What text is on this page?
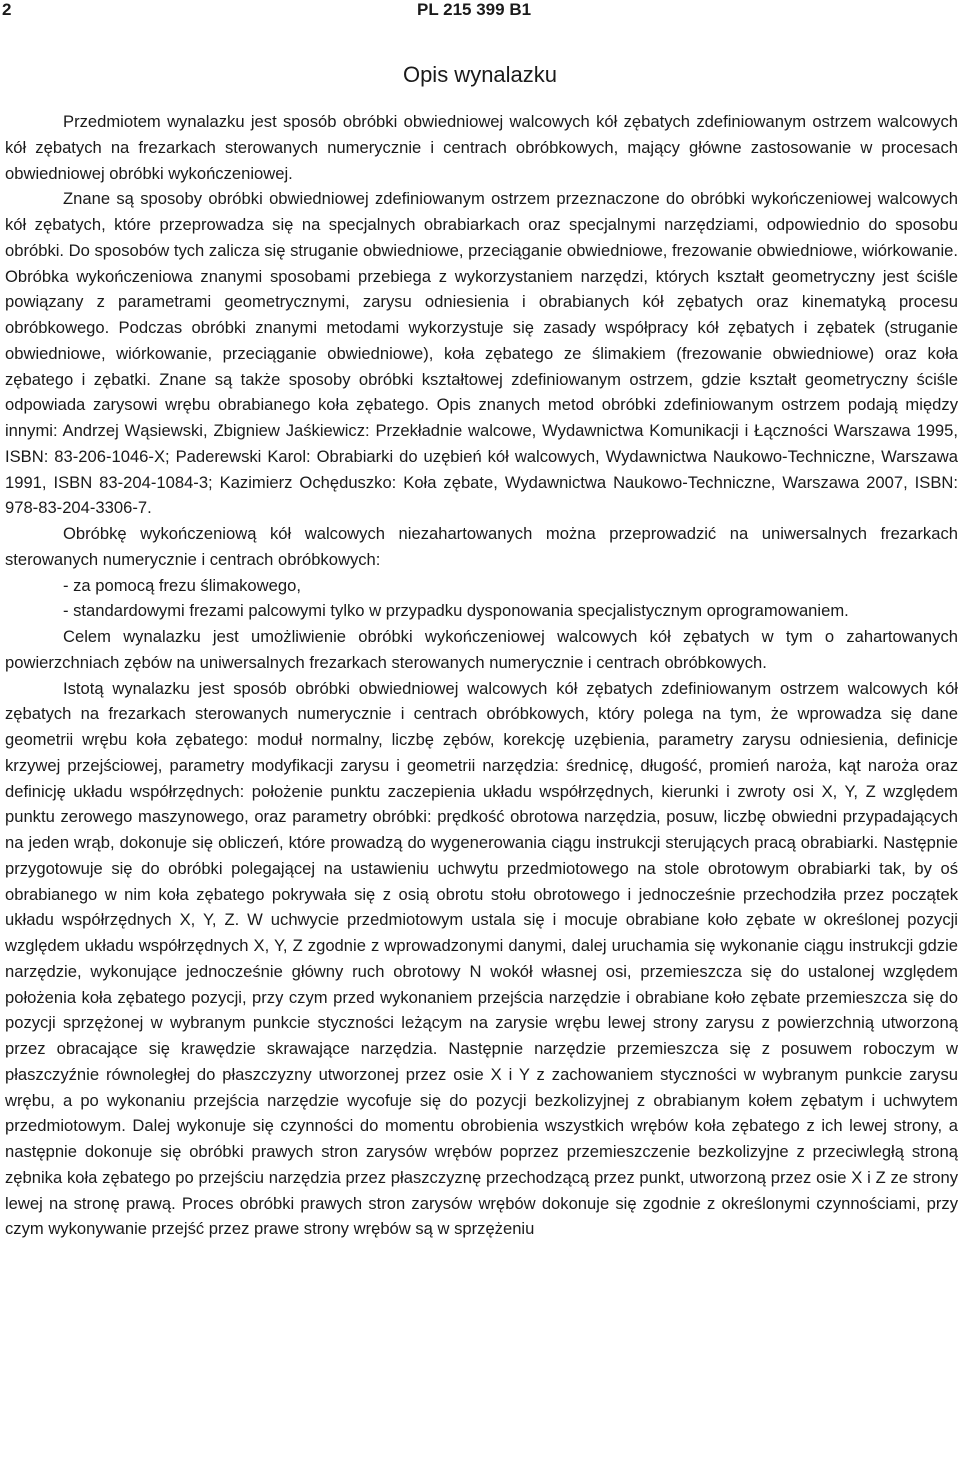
2	PL 215 399 B1
Opis wynalazku

Przedmiotem wynalazku jest sposób obróbki obwiedniowej walcowych kół zębatych zdefiniowanym ostrzem walcowych kół zębatych na frezarkach sterowanych numerycznie i centrach obróbkowych, mający główne zastosowanie w procesach obwiedniowej obróbki wykończeniowej.

Znane są sposoby obróbki obwiedniowej zdefiniowanym ostrzem przeznaczone do obróbki wykończeniowej walcowych kół zębatych, które przeprowadza się na specjalnych obrabiarkach oraz specjalnymi narzędziami, odpowiednio do sposobu obróbki. Do sposobów tych zalicza się struganie obwiedniowe, przeciąganie obwiedniowe, frezowanie obwiedniowe, wiórkowanie. Obróbka wykończeniowa znanymi sposobami przebiega z wykorzystaniem narzędzi, których kształt geometryczny jest ściśle powiązany z parametrami geometrycznymi, zarysu odniesienia i obrabianych kół zębatych oraz kinematyką procesu obróbkowego. Podczas obróbki znanymi metodami wykorzystuje się zasady współpracy kół zębatych i zębatek (struganie obwiedniowe, wiórkowanie, przeciąganie obwiedniowe), koła zębatego ze ślimakiem (frezowanie obwiedniowe) oraz koła zębatego i zębatki. Znane są także sposoby obróbki kształtowej zdefiniowanym ostrzem, gdzie kształt geometryczny ściśle odpowiada zarysowi wrębu obrabianego koła zębatego. Opis znanych metod obróbki zdefiniowanym ostrzem podają między innymi: Andrzej Wąsiewski, Zbigniew Jaśkiewicz: Przekładnie walcowe, Wydawnictwa Komunikacji i Łączności Warszawa 1995, ISBN: 83-206-1046-X; Paderewski Karol: Obrabiarki do uzębień kół walcowych, Wydawnictwa Naukowo-Techniczne, Warszawa 1991, ISBN 83-204-1084-3; Kazimierz Ochęduszko: Koła zębate, Wydawnictwa Naukowo-Techniczne, Warszawa 2007, ISBN: 978-83-204-3306-7.

Obróbkę wykończeniową kół walcowych niezahartowanych można przeprowadzić na uniwersalnych frezarkach sterowanych numerycznie i centrach obróbkowych:

- za pomocą frezu ślimakowego,

- standardowymi frezami palcowymi tylko w przypadku dysponowania specjalistycznym oprogramowaniem.

Celem wynalazku jest umożliwienie obróbki wykończeniowej walcowych kół zębatych w tym o zahartowanych powierzchniach zębów na uniwersalnych frezarkach sterowanych numerycznie i centrach obróbkowych.

Istotą wynalazku jest sposób obróbki obwiedniowej walcowych kół zębatych zdefiniowanym ostrzem walcowych kół zębatych na frezarkach sterowanych numerycznie i centrach obróbkowych, który polega na tym, że wprowadza się dane geometrii wrębu koła zębatego: moduł normalny, liczbę zębów, korekcję uzębienia, parametry zarysu odniesienia, definicje krzywej przejściowej, parametry modyfikacji zarysu i geometrii narzędzia: średnicę, długość, promień naroża, kąt naroża oraz definicję układu współrzędnych: położenie punktu zaczepienia układu współrzędnych, kierunki i zwroty osi X, Y, Z względem punktu zerowego maszynowego, oraz parametry obróbki: prędkość obrotowa narzędzia, posuw, liczbę obwiedni przypadających na jeden wrąb, dokonuje się obliczeń, które prowadzą do wygenerowania ciągu instrukcji sterujących pracą obrabiarki. Następnie przygotowuje się do obróbki polegającej na ustawieniu uchwytu przedmiotowego na stole obrotowym obrabiarki tak, by oś obrabianego w nim koła zębatego pokrywała się z osią obrotu stołu obrotowego i jednocześnie przechodziła przez początek układu współrzędnych X, Y, Z. W uchwycie przedmiotowym ustala się i mocuje obrabiane koło zębate w określonej pozycji względem układu współrzędnych X, Y, Z zgodnie z wprowadzonymi danymi, dalej uruchamia się wykonanie ciągu instrukcji gdzie narzędzie, wykonujące jednocześnie główny ruch obrotowy N wokół własnej osi, przemieszcza się do ustalonej względem położenia koła zębatego pozycji, przy czym przed wykonaniem przejścia narzędzie i obrabiane koło zębate przemieszcza się do pozycji sprzężonej w wybranym punkcie styczności leżącym na zarysie wrębu lewej strony zarysu z powierzchnią utworzoną przez obracające się krawędzie skrawające narzędzia. Następnie narzędzie przemieszcza się z posuwem roboczym w płaszczyźnie równoległej do płaszczyzny utworzonej przez osie X i Y z zachowaniem styczności w wybranym punkcie zarysu wrębu, a po wykonaniu przejścia narzędzie wycofuje się do pozycji bezkolizyjnej z obrabianym kołem zębatym i uchwytem przedmiotowym. Dalej wykonuje się czynności do momentu obrobienia wszystkich wrębów koła zębatego z ich lewej strony, a następnie dokonuje się obróbki prawych stron zarysów wrębów poprzez przemieszczenie bezkolizyjne z przeciwległą stroną zębnika koła zębatego po przejściu narzędzia przez płaszczyznę przechodzącą przez punkt, utworzoną przez osie X i Z ze strony lewej na stronę prawą. Proces obróbki prawych stron zarysów wrębów dokonuje się zgodnie z określonymi czynnościami, przy czym wykonywanie przejść przez prawe strony wrębów są w sprzężeniu
